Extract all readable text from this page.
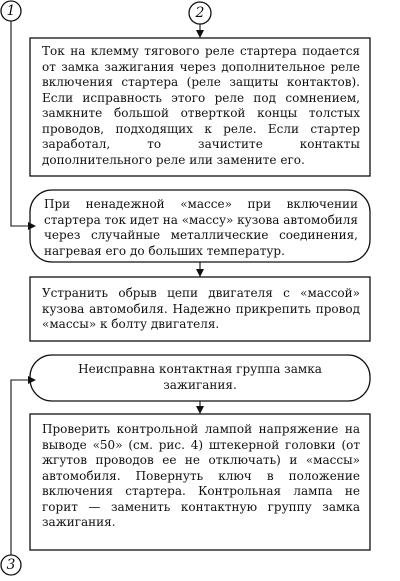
1	2
3

Ток на клемму тягового реле стартера подается от замка зажигания через дополнительное реле включения стартера (реле защиты контактов). Если исправность этого реле под сомнением, замкните большой отверткой концы толстых проводов, подходящих к реле. Если стартер заработал, то зачистите контакты дополнительного реле или замените его.

При ненадежной «массе» при включении стартера ток идет на «массу» кузова автомобиля через случайные металлические соединения, нагревая его до больших температур.

Устранить обрыв цепи двигателя с «массой» кузова автомобиля. Надежно прикрепить провод «массы» к болту двигателя.

Неисправна контактная группа замка зажигания.

Проверить контрольной лампой напряжение на выводе «50» (см. рис. 4) штекерной головки (от жгутов проводов ее не отключать) и «массы» автомобиля. Повернуть ключ в положение включения стартера. Контрольная лампа не горит — заменить контактную группу замка зажигания.
